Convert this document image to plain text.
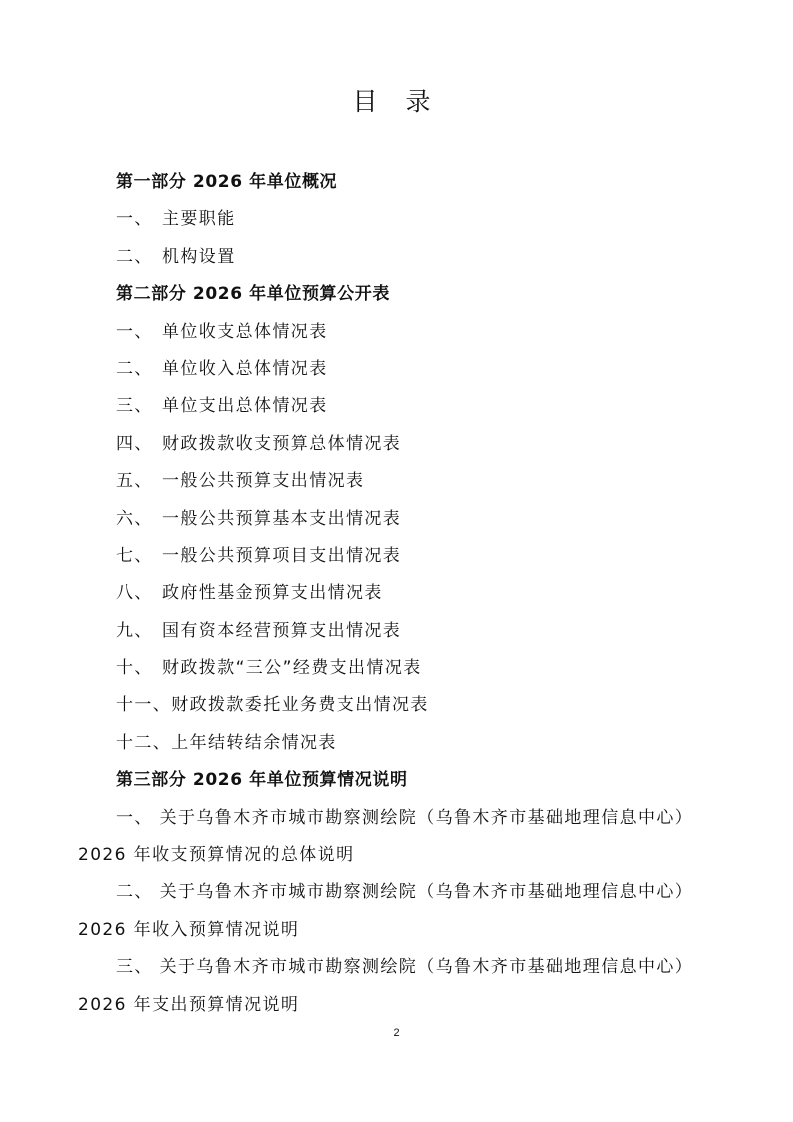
目 录
第一部分 2026 年单位概况
一、 主要职能
二、 机构设置
第二部分 2026 年单位预算公开表
一、 单位收支总体情况表
二、 单位收入总体情况表
三、 单位支出总体情况表
四、 财政拨款收支预算总体情况表
五、 一般公共预算支出情况表
六、 一般公共预算基本支出情况表
七、 一般公共预算项目支出情况表
八、 政府性基金预算支出情况表
九、 国有资本经营预算支出情况表
十、 财政拨款“三公”经费支出情况表
十一、财政拨款委托业务费支出情况表
十二、上年结转结余情况表
第三部分 2026 年单位预算情况说明
一、 关于乌鲁木齐市城市勘察测绘院（乌鲁木齐市基础地理信息中心）
2026 年收支预算情况的总体说明
二、 关于乌鲁木齐市城市勘察测绘院（乌鲁木齐市基础地理信息中心）
2026 年收入预算情况说明
三、 关于乌鲁木齐市城市勘察测绘院（乌鲁木齐市基础地理信息中心）
2026 年支出预算情况说明
2
